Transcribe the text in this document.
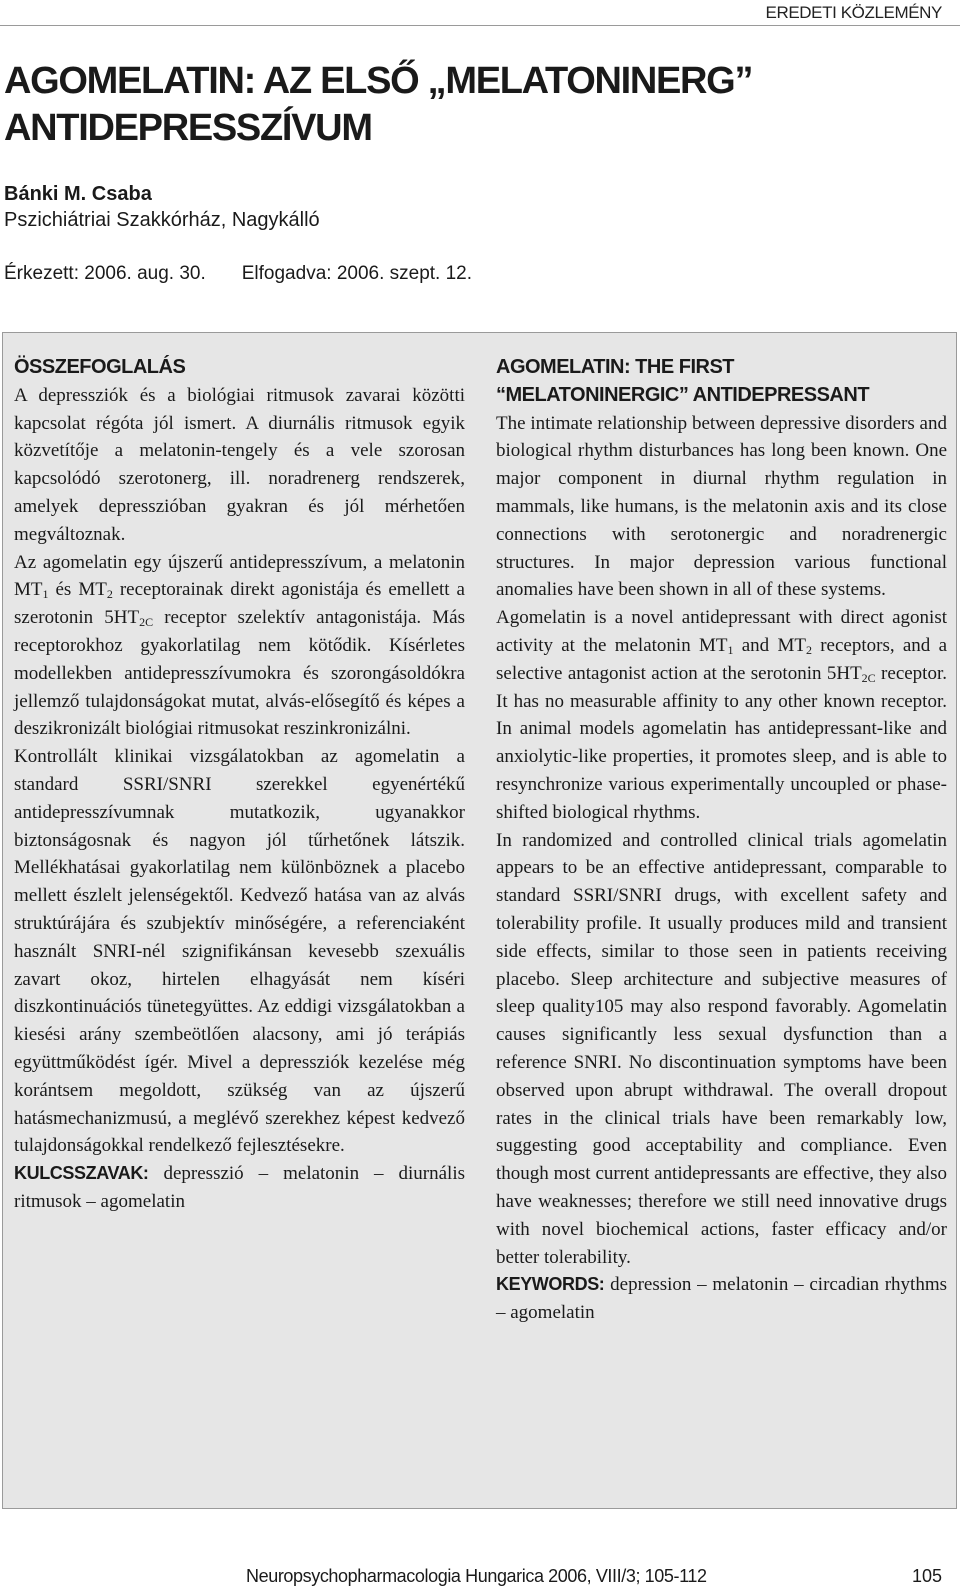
EREDETI KÖZLEMÉNY
AGOMELATIN: AZ ELSŐ „MELATONINERG”
ANTIDEPRESSZÍVUM
Bánki M. Csaba
Pszichiátriai Szakkórház, Nagykálló
Érkezett: 2006. aug. 30. Elfogadva: 2006. szept. 12.

ÖSSZEFOGLALÁS

A depressziók és a biológiai ritmusok zavarai közötti kapcsolat régóta jól ismert. A diurnális ritmusok egyik közvetítője a melatonin-tengely és a vele szorosan kapcsolódó szerotonerg, ill. noradrenerg rendszerek, amelyek depresszióban gyakran és jól mérhetően megváltoznak.

Az agomelatin egy újszerű antidepresszívum, a melatonin $MT_1$ és $MT_2$ receptorainak direkt agonistája és emellett a szerotonin $5HT_{2C}$ receptor szelektív antagonistája. Más receptorokhoz gyakorlatilag nem kötődik. Kísérletes modellekben antidepresszívumokra és szorongásoldókra jellemző tulajdonságokat mutat, alvás-elősegítő és képes a deszikronizált biológiai ritmusokat reszinkronizálni.

Kontrollált klinikai vizsgálatokban az agomelatin a standard SSRI/SNRI szerekkel egyenértékű antidepresszívumnak mutatkozik, ugyanakkor biztonságosnak és nagyon jól tűrhetőnek látszik. Mellékhatásai gyakorlatilag nem különböznek a placebo mellett észlelt jelenségektől. Kedvező hatása van az alvás struktúrájára és szubjektív minőségére, a referenciaként használt SNRI-nél szignifikánsan kevesebb szexuális zavart okoz, hirtelen elhagyását nem kíséri diszkontinuációs tünetegyüttes. Az eddigi vizsgálatokban a kiesési arány szembeötlően alacsony, ami jó terápiás együttműködést ígér. Mivel a depressziók kezelése még korántsem megoldott, szükség van az újszerű hatásmechanizmusú, a meglévő szerekhez képest kedvező tulajdonságokkal rendelkező fejlesztésekre.

KULCSSZAVAK: depresszió – melatonin – diurnális ritmusok – agomelatin

AGOMELATIN: THE FIRST
“MELATONINERGIC” ANTIDEPRESSANT

The intimate relationship between depressive disorders and biological rhythm disturbances has long been known. One major component in diurnal rhythm regulation in mammals, like humans, is the melatonin axis and its close connections with serotonergic and noradrenergic structures. In major depression various functional anomalies have been shown in all of these systems.

Agomelatin is a novel antidepressant with direct agonist activity at the melatonin $MT_1$ and $MT_2$ receptors, and a selective antagonist action at the serotonin $5HT_{2C}$ receptor. It has no measurable affinity to any other known receptor. In animal models agomelatin has antidepressant-like and anxiolytic-like properties, it promotes sleep, and is able to resynchronize various experimentally uncoupled or phase-shifted biological rhythms.

In randomized and controlled clinical trials agomelatin appears to be an effective antidepressant, comparable to standard SSRI/SNRI drugs, with excellent safety and tolerability profile. It usually produces mild and transient side effects, similar to those seen in patients receiving placebo. Sleep architecture and subjective measures of sleep quality105 may also respond favorably. Agomelatin causes significantly less sexual dysfunction than a reference SNRI. No discontinuation symptoms have been observed upon abrupt withdrawal. The overall dropout rates in the clinical trials have been remarkably low, suggesting good acceptability and compliance. Even though most current antidepressants are effective, they also have weaknesses; therefore we still need innovative drugs with novel biochemical actions, faster efficacy and/or better tolerability.

KEYWORDS: depression – melatonin – circadian rhythms – agomelatin

Neuropsychopharmacologia Hungarica 2006, VIII/3; 105-112	105
